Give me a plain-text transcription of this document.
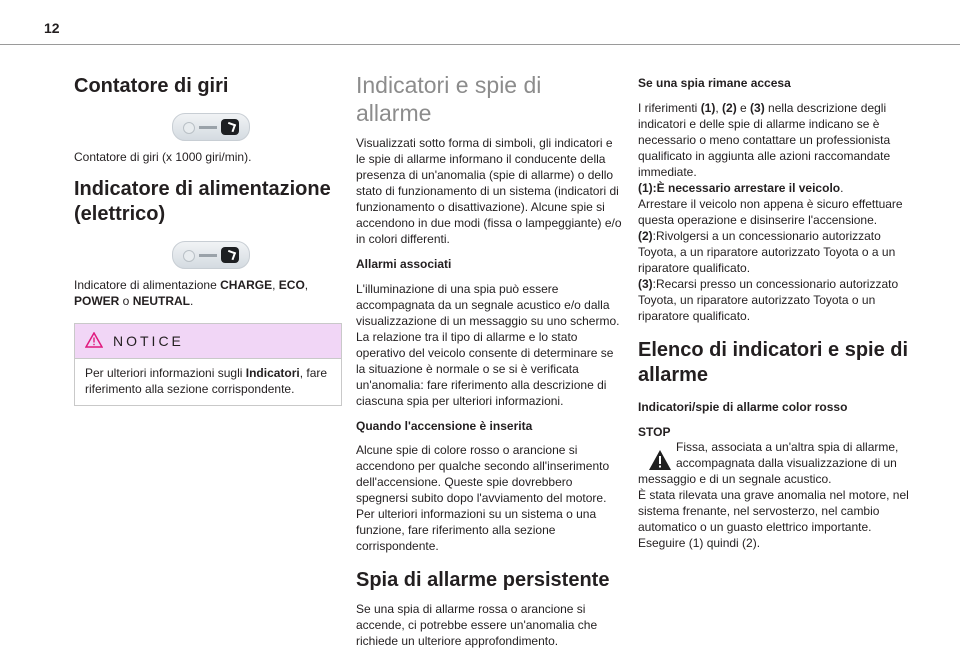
12
Contatore di giri

Contatore di giri (x 1000 giri/min).

Indicatore di alimentazione
(elettrico)

Indicatore di alimentazione CHARGE, ECO,
POWER o NEUTRAL.

NOTICE
Per ulteriori informazioni sugli Indicatori, fare riferimento alla sezione corrispondente.
Indicatori e spie di allarme

Visualizzati sotto forma di simboli, gli indicatori e le spie di allarme informano il conducente della presenza di un'anomalia (spie di allarme) o dello stato di funzionamento di un sistema (indicatori di funzionamento o disattivazione). Alcune spie si accendono in due modi (fissa o lampeggiante) e/o in colori differenti.

Allarmi associati

L'illuminazione di una spia può essere accompagnata da un segnale acustico e/o dalla visualizzazione di un messaggio su uno schermo.
La relazione tra il tipo di allarme e lo stato operativo del veicolo consente di determinare se la situazione è normale o se si è verificata un'anomalia: fare riferimento alla descrizione di ciascuna spia per ulteriori informazioni.

Quando l'accensione è inserita

Alcune spie di colore rosso o arancione si accendono per qualche secondo all'inserimento dell'accensione. Queste spie dovrebbero spegnersi subito dopo l'avviamento del motore.
Per ulteriori informazioni su un sistema o una funzione, fare riferimento alla sezione corrispondente.

Spia di allarme persistente

Se una spia di allarme rossa o arancione si accende, ci potrebbe essere un'anomalia che richiede un ulteriore approfondimento.

Se una spia rimane accesa

I riferimenti (1), (2) e (3) nella descrizione degli indicatori e delle spie di allarme indicano se è necessario o meno contattare un professionista qualificato in aggiunta alle azioni raccomandate immediate.
(1):È necessario arrestare il veicolo.
Arrestare il veicolo non appena è sicuro effettuare questa operazione e disinserire l'accensione.
(2):Rivolgersi a un concessionario autorizzato Toyota, a un riparatore autorizzato Toyota o a un riparatore qualificato.
(3):Recarsi presso un concessionario autorizzato Toyota, un riparatore autorizzato Toyota o un riparatore qualificato.

Elenco di indicatori e spie di
allarme
Indicatori/spie di allarme color rosso
STOP

Fissa, associata a un'altra spia di allarme,
accompagnata dalla visualizzazione di un
messaggio e di un segnale acustico.
È stata rilevata una grave anomalia nel motore, nel sistema frenante, nel servosterzo, nel cambio automatico o un guasto elettrico importante.
Eseguire (1) quindi (2).
